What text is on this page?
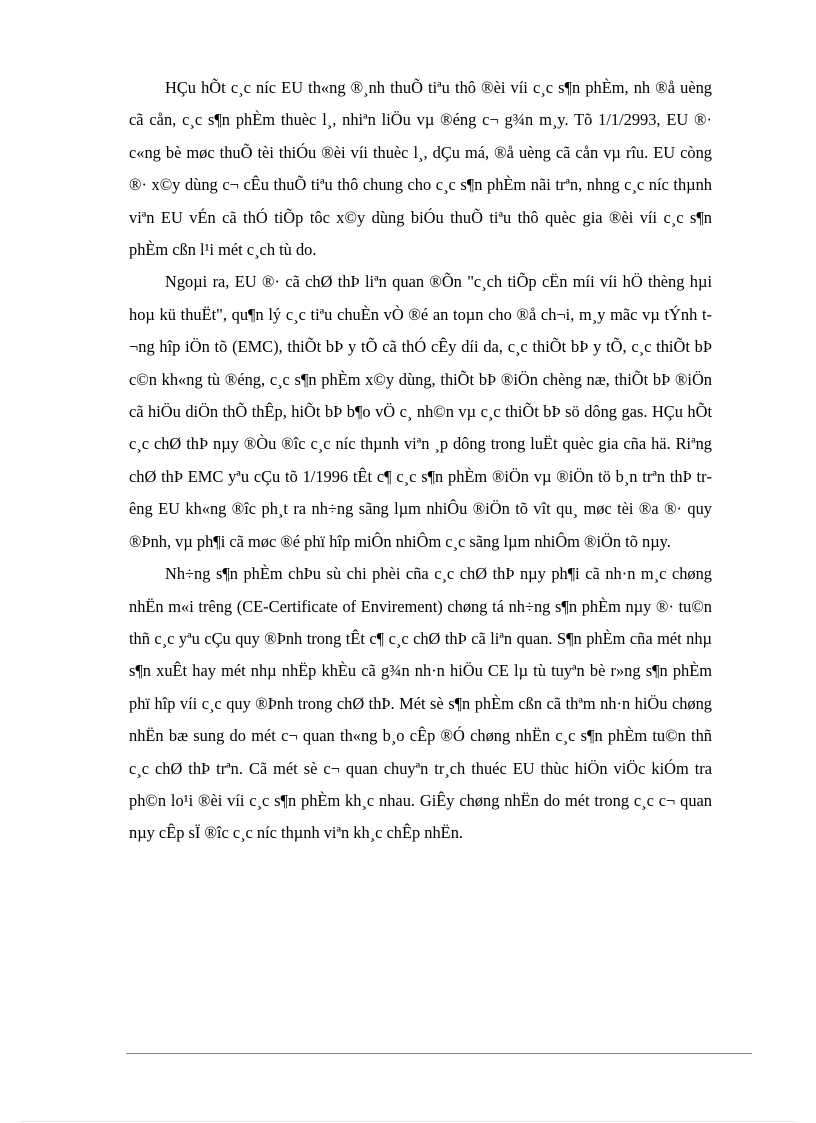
HÇu hÕt c¸c níc EU th«ng ®¸nh thuÕ tiªu thô ®èi víi c¸c s¶n phÈm, nh ®å uèng cã cån, c¸c s¶n phÈm thuèc l¸, nhiªn liÖu vµ ®éng c¬ g¾n m¸y. Tõ 1/1/2993, EU ®· c«ng bè møc thuÕ tèi thiÓu ®èi víi thuèc l¸, dÇu má, ®å uèng cã cån vµ rîu. EU còng ®· x©y dùng c¬ cÊu thuÕ tiªu thô chung cho c¸c s¶n phÈm nãi trªn, nhng c¸c níc thµnh viªn EU vÉn cã thÓ tiÕp tôc x©y dùng biÓu thuÕ tiªu thô quèc gia ®èi víi c¸c s¶n phÈm cßn l¹i mét c¸ch tù do.

Ngoµi ra, EU ®· cã chØ thÞ liªn quan ®Õn "c¸ch tiÕp cËn míi víi hÖ thèng hµi hoµ kü thuËt", qu¶n lý c¸c tiªu chuÈn vÒ ®é an toµn cho ®å ch¬i, m¸y mãc vµ tÝnh t¬ng hîp iÖn tõ (EMC), thiÕt bÞ y tÕ cã thÓ cÊy díi da, c¸c thiÕt bÞ y tÕ, c¸c thiÕt bÞ c©n kh«ng tù ®éng, c¸c s¶n phÈm x©y dùng, thiÕt bÞ ®iÖn chèng næ, thiÕt bÞ ®iÖn cã hiÖu diÖn thÕ thÊp, hiÕt bÞ b¶o vÖ c¸ nh©n vµ c¸c thiÕt bÞ sö dông gas. HÇu hÕt c¸c chØ thÞ nµy ®Òu ®îc c¸c níc thµnh viªn ¸p dông trong luËt quèc gia cña hä. Riªng chØ thÞ EMC yªu cÇu tõ 1/1996 tÊt c¶ c¸c s¶n phÈm ®iÖn vµ ®iÖn tö b¸n trªn thÞ trêng EU kh«ng ®îc ph¸t ra nh÷ng sãng lµm nhiÔu ®iÖn tõ vît qu¸ møc tèi ®a ®· quy ®Þnh, vµ ph¶i cã møc ®é phï hîp miÔn nhiÔm c¸c sãng lµm nhiÔm ®iÖn tõ nµy.

Nh÷ng s¶n phÈm chÞu sù chi phèi cña c¸c chØ thÞ nµy ph¶i cã nh·n m¸c chøng nhËn m«i trêng (CE-Certificate of Envirement) chøng tá nh÷ng s¶n phÈm nµy ®· tu©n thñ c¸c yªu cÇu quy ®Þnh trong tÊt c¶ c¸c chØ thÞ cã liªn quan. S¶n phÈm cña mét nhµ s¶n xuÊt hay mét nhµ nhËp khÈu cã g¾n nh·n hiÖu CE lµ tù tuyªn bè r»ng s¶n phÈm phï hîp víi c¸c quy ®Þnh trong chØ thÞ. Mét sè s¶n phÈm cßn cã thªm nh·n hiÖu chøng nhËn bæ sung do mét c¬ quan th«ng b¸o cÊp ®Ó chøng nhËn c¸c s¶n phÈm tu©n thñ c¸c chØ thÞ trªn. Cã mét sè c¬ quan chuyªn tr¸ch thuéc EU thùc hiÖn viÖc kiÓm tra ph©n lo¹i ®èi víi c¸c s¶n phÈm kh¸c nhau. GiÊy chøng nhËn do mét trong c¸c c¬ quan nµy cÊp sÏ ®îc c¸c níc thµnh viªn kh¸c chÊp nhËn.
